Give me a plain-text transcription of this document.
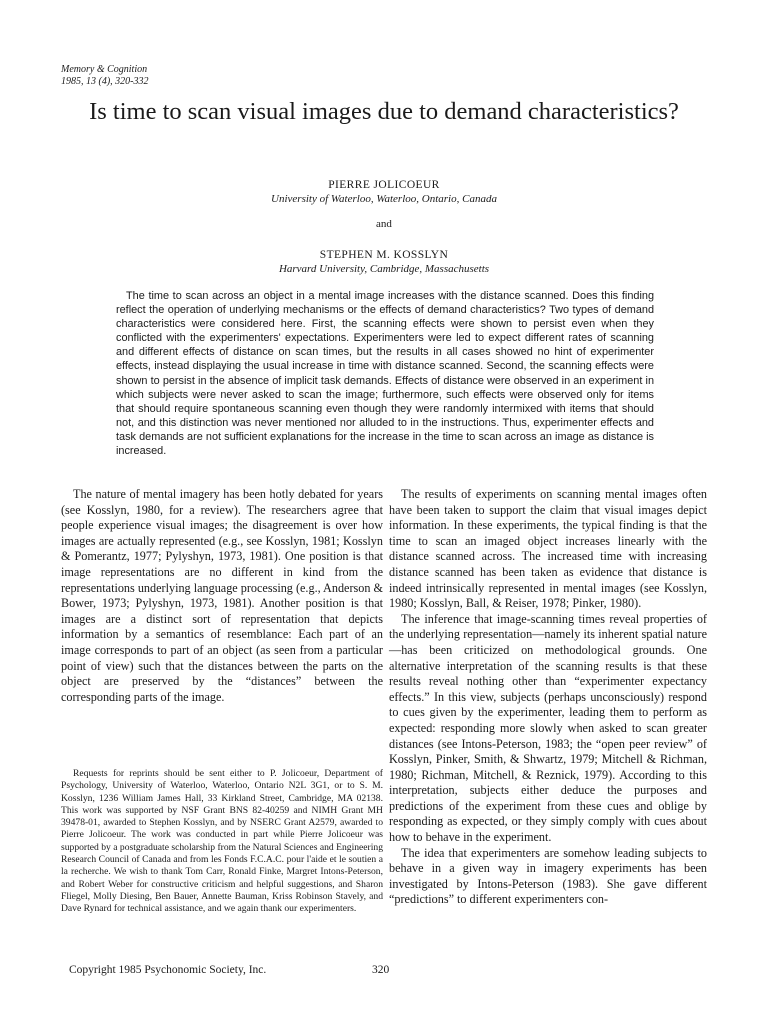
Memory & Cognition
1985, 13 (4), 320-332
Is time to scan visual images due to demand characteristics?
PIERRE JOLICOEUR
University of Waterloo, Waterloo, Ontario, Canada
and
STEPHEN M. KOSSLYN
Harvard University, Cambridge, Massachusetts
The time to scan across an object in a mental image increases with the distance scanned. Does this finding reflect the operation of underlying mechanisms or the effects of demand characteristics? Two types of demand characteristics were considered here. First, the scanning effects were shown to persist even when they conflicted with the experimenters' expectations. Experimenters were led to expect different rates of scanning and different effects of distance on scan times, but the results in all cases showed no hint of experimenter effects, instead displaying the usual increase in time with distance scanned. Second, the scanning effects were shown to persist in the absence of implicit task demands. Effects of distance were observed in an experiment in which subjects were never asked to scan the image; furthermore, such effects were observed only for items that should require spontaneous scanning even though they were randomly intermixed with items that should not, and this distinction was never mentioned nor alluded to in the instructions. Thus, experimenter effects and task demands are not sufficient explanations for the increase in the time to scan across an image as distance is increased.

The nature of mental imagery has been hotly debated for years (see Kosslyn, 1980, for a review). The researchers agree that people experience visual images; the disagreement is over how images are actually represented (e.g., see Kosslyn, 1981; Kosslyn & Pomerantz, 1977; Pylyshyn, 1973, 1981). One position is that image representations are no different in kind from the representations underlying language processing (e.g., Anderson & Bower, 1973; Pylyshyn, 1973, 1981). Another position is that images are a distinct sort of representation that depicts information by a semantics of resemblance: Each part of an image corresponds to part of an object (as seen from a particular point of view) such that the distances between the parts on the object are preserved by the “distances” between the corresponding parts of the image.

Requests for reprints should be sent either to P. Jolicoeur, Department of Psychology, University of Waterloo, Waterloo, Ontario N2L 3G1, or to S. M. Kosslyn, 1236 William James Hall, 33 Kirkland Street, Cambridge, MA 02138. This work was supported by NSF Grant BNS 82-40259 and NIMH Grant MH 39478-01, awarded to Stephen Kosslyn, and by NSERC Grant A2579, awarded to Pierre Jolicoeur. The work was conducted in part while Pierre Jolicoeur was supported by a postgraduate scholarship from the Natural Sciences and Engineering Research Council of Canada and from les Fonds F.C.A.C. pour l'aide et le soutien a la recherche. We wish to thank Tom Carr, Ronald Finke, Margret Intons-Peterson, and Robert Weber for constructive criticism and helpful suggestions, and Sharon Fliegel, Molly Diesing, Ben Bauer, Annette Bauman, Kriss Robinson Stavely, and Dave Rynard for technical assistance, and we again thank our experimenters.

The results of experiments on scanning mental images often have been taken to support the claim that visual images depict information. In these experiments, the typical finding is that the time to scan an imaged object increases linearly with the distance scanned across. The increased time with increasing distance scanned has been taken as evidence that distance is indeed intrinsically represented in mental images (see Kosslyn, 1980; Kosslyn, Ball, & Reiser, 1978; Pinker, 1980).

The inference that image-scanning times reveal properties of the underlying representation—namely its inherent spatial nature—has been criticized on methodological grounds. One alternative interpretation of the scanning results is that these results reveal nothing other than “experimenter expectancy effects.” In this view, subjects (perhaps unconsciously) respond to cues given by the experimenter, leading them to perform as expected: responding more slowly when asked to scan greater distances (see Intons-Peterson, 1983; the “open peer review” of Kosslyn, Pinker, Smith, & Shwartz, 1979; Mitchell & Richman, 1980; Richman, Mitchell, & Reznick, 1979). According to this interpretation, subjects either deduce the purposes and predictions of the experiment from these cues and oblige by responding as expected, or they simply comply with cues about how to behave in the experiment.

The idea that experimenters are somehow leading subjects to behave in a given way in imagery experiments has been investigated by Intons-Peterson (1983). She gave different “predictions” to different experimenters con-

Copyright 1985 Psychonomic Society, Inc.	320
